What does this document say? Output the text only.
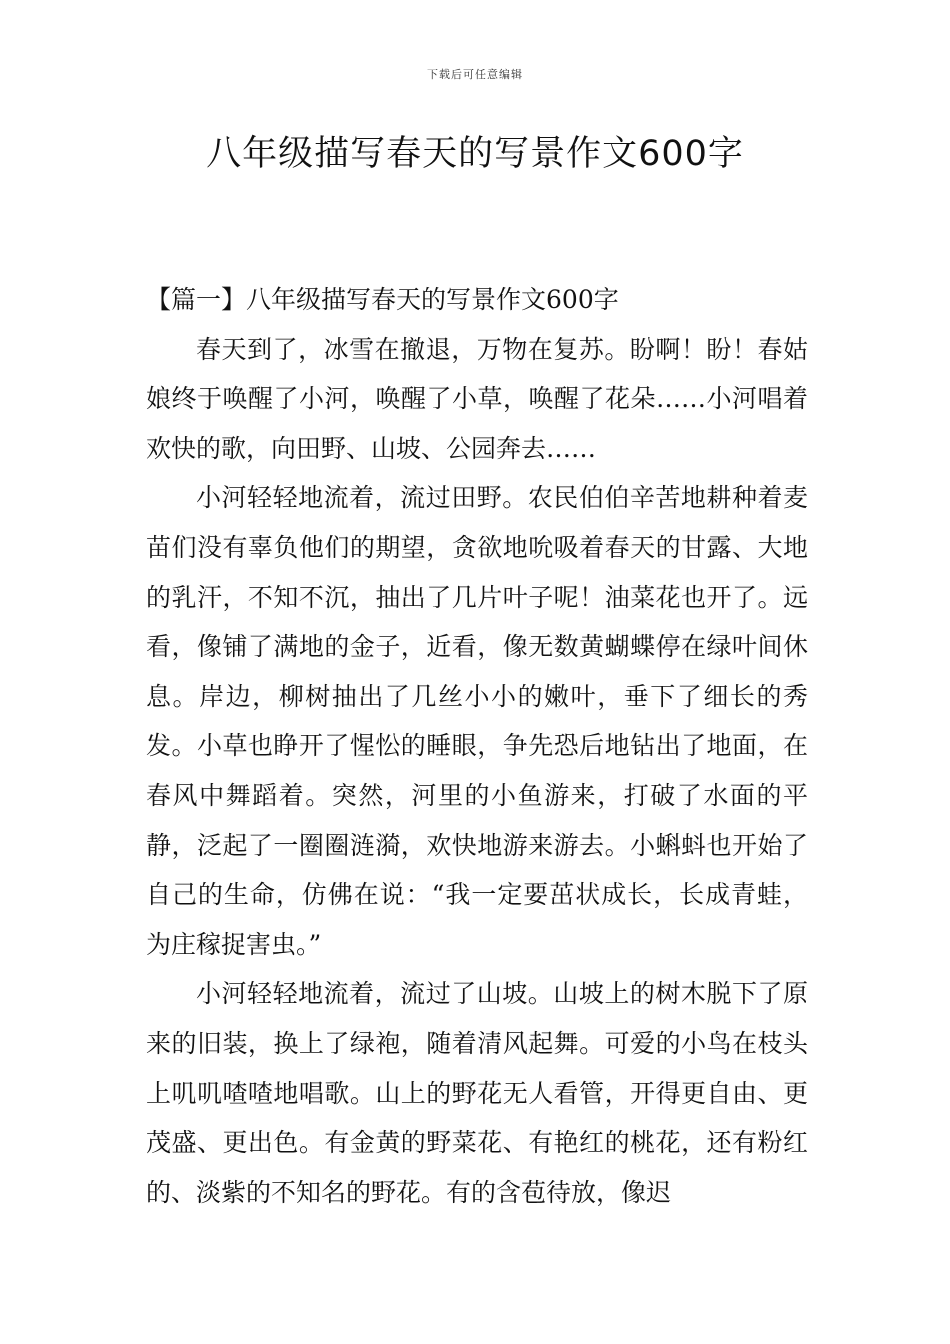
下载后可任意编辑
八年级描写春天的写景作文600字
【篇一】八年级描写春天的写景作文600字

春天到了，冰雪在撤退，万物在复苏。盼啊！盼！春姑娘终于唤醒了小河，唤醒了小草，唤醒了花朵……小河唱着欢快的歌，向田野、山坡、公园奔去……

小河轻轻地流着，流过田野。农民伯伯辛苦地耕种着麦苗们没有辜负他们的期望，贪欲地吮吸着春天的甘露、大地的乳汗，不知不沉，抽出了几片叶子呢！油菜花也开了。远看，像铺了满地的金子，近看，像无数黄蝴蝶停在绿叶间休息。岸边，柳树抽出了几丝小小的嫩叶，垂下了细长的秀发。小草也睁开了惺忪的睡眼，争先恐后地钻出了地面，在春风中舞蹈着。突然，河里的小鱼游来，打破了水面的平静，泛起了一圈圈涟漪，欢快地游来游去。小蝌蚪也开始了自己的生命，仿佛在说：“我一定要茁状成长，长成青蛙，为庄稼捉害虫。”

小河轻轻地流着，流过了山坡。山坡上的树木脱下了原来的旧装，换上了绿袍，随着清风起舞。可爱的小鸟在枝头上叽叽喳喳地唱歌。山上的野花无人看管，开得更自由、更茂盛、更出色。有金黄的野菜花、有艳红的桃花，还有粉红的、淡紫的不知名的野花。有的含苞待放，像迟
